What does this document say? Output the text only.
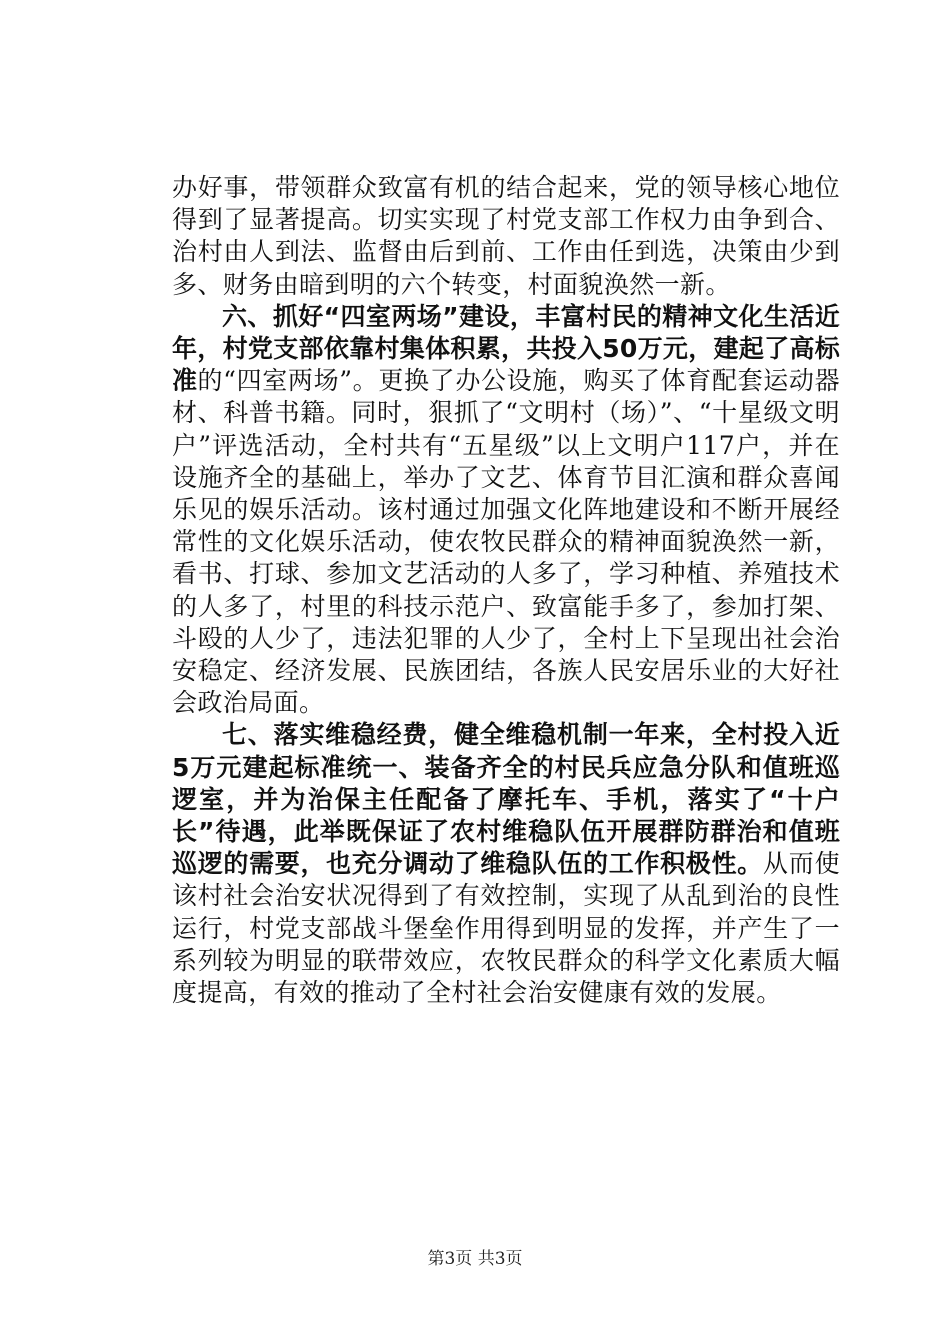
办好事，带领群众致富有机的结合起来，党的领导核心地位得到了显著提高。切实实现了村党支部工作权力由争到合、治村由人到法、监督由后到前、工作由任到选，决策由少到多、财务由暗到明的六个转变，村面貌涣然一新。

六、抓好“四室两场”建设，丰富村民的精神文化生活近年，村党支部依靠村集体积累，共投入50万元，建起了高标准的“四室两场”。更换了办公设施，购买了体育配套运动器材、科普书籍。同时，狠抓了“文明村（场）”、“十星级文明户”评选活动，全村共有“五星级”以上文明户117户，并在设施齐全的基础上，举办了文艺、体育节目汇演和群众喜闻乐见的娱乐活动。该村通过加强文化阵地建设和不断开展经常性的文化娱乐活动，使农牧民群众的精神面貌涣然一新，看书、打球、参加文艺活动的人多了，学习种植、养殖技术的人多了，村里的科技示范户、致富能手多了，参加打架、斗殴的人少了，违法犯罪的人少了，全村上下呈现出社会治安稳定、经济发展、民族团结，各族人民安居乐业的大好社会政治局面。

七、落实维稳经费，健全维稳机制一年来，全村投入近5万元建起标准统一、装备齐全的村民兵应急分队和值班巡逻室，并为治保主任配备了摩托车、手机，落实了“十户长”待遇，此举既保证了农村维稳队伍开展群防群治和值班巡逻的需要，也充分调动了维稳队伍的工作积极性。从而使该村社会治安状况得到了有效控制，实现了从乱到治的良性运行，村党支部战斗堡垒作用得到明显的发挥，并产生了一系列较为明显的联带效应，农牧民群众的科学文化素质大幅度提高，有效的推动了全村社会治安健康有效的发展。

第3页 共3页
